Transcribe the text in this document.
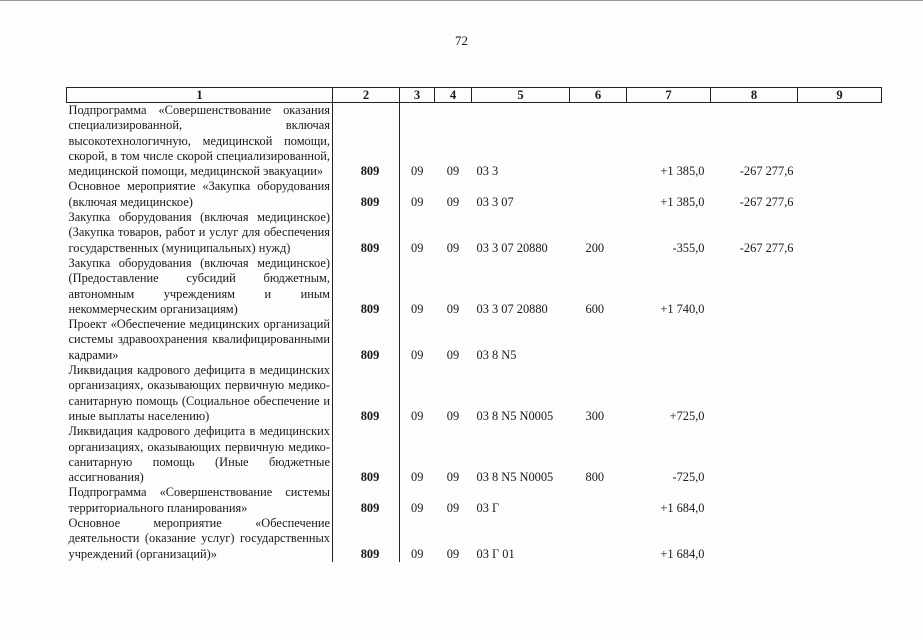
72
1	2	3	4	5	6	7	8	9
Подпрограмма «Совершенствование оказания специализированной, включая высокотехнологичную, медицинской помощи, скорой, в том числе скорой специализированной, медицинской помощи, медицинской эвакуации»	809	09	09	03 3		+1 385,0	-267 277,6	
Основное мероприятие «Закупка оборудования (включая медицинское)	809	09	09	03 3 07		+1 385,0	-267 277,6	
Закупка оборудования (включая медицинское) (Закупка товаров, работ и услуг для обеспечения государственных (муниципальных) нужд)	809	09	09	03 3 07 20880	200	-355,0	-267 277,6	
Закупка оборудования (включая медицинское) (Предоставление субсидий бюджетным, автономным учреждениям и иным некоммерческим организациям)	809	09	09	03 3 07 20880	600	+1 740,0		
Проект «Обеспечение медицинских организаций системы здравоохранения квалифицированными кадрами»	809	09	09	03 8 N5				
Ликвидация кадрового дефицита в медицинских организациях, оказывающих первичную медико-санитарную помощь (Социальное обеспечение и иные выплаты населению)	809	09	09	03 8 N5 N0005	300	+725,0		
Ликвидация кадрового дефицита в медицинских организациях, оказывающих первичную медико-санитарную помощь (Иные бюджетные ассигнования)	809	09	09	03 8 N5 N0005	800	-725,0		
Подпрограмма «Совершенствование системы территориального планирования»	809	09	09	03 Г		+1 684,0		
Основное мероприятие «Обеспечение деятельности (оказание услуг) государственных учреждений (организаций)»	809	09	09	03 Г 01		+1 684,0		
